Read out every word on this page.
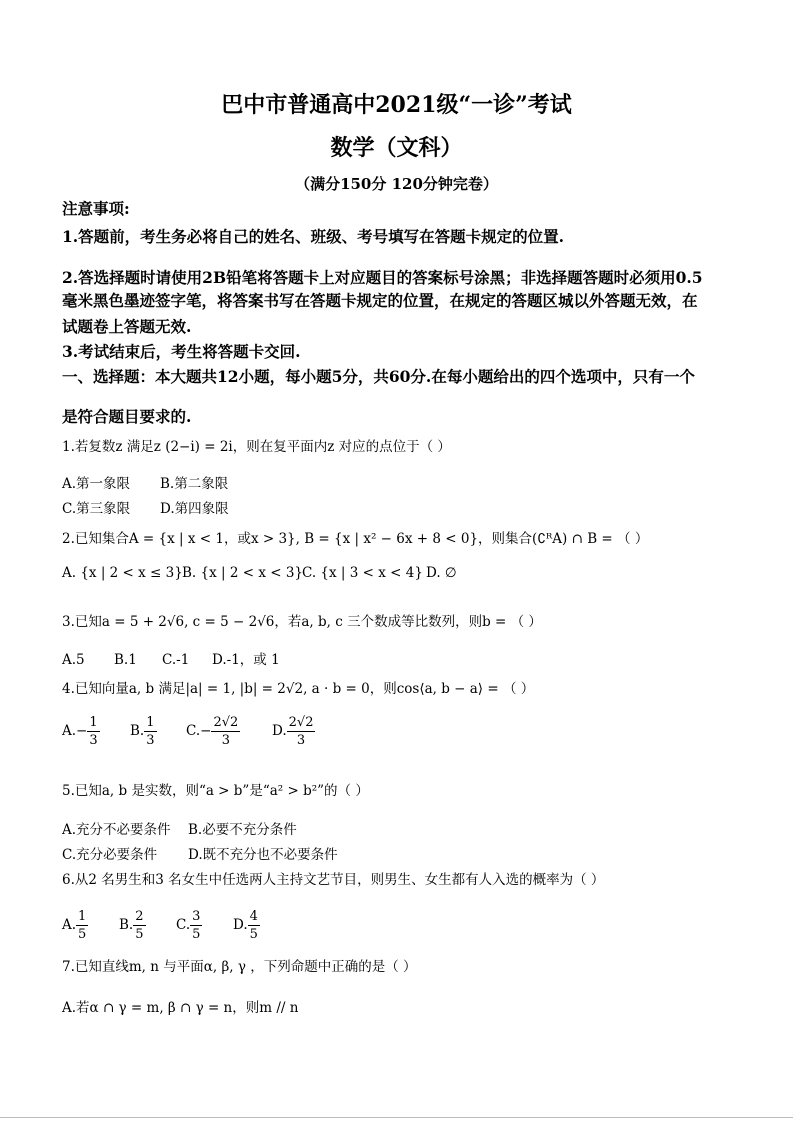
巴中市普通高中2021级“一诊”考试
数学（文科）
（满分150分 120分钟完卷）
注意事项:
1.答题前，考生务必将自己的姓名、班级、考号填写在答题卡规定的位置.
2.答选择题时请使用2B铅笔将答题卡上对应题目的答案标号涂黑；非选择题答题时必须用0.5
毫米黑色墨迹签字笔，将答案书写在答题卡规定的位置，在规定的答题区城以外答题无效，在
试题卷上答题无效.
3.考试结束后，考生将答题卡交回.
一、选择题：本大题共12小题，每小题5分，共60分.在每小题给出的四个选项中，只有一个
是符合题目要求的.
1.若复数z 满足z (2−i) = 2i，则在复平面内z 对应的点位于（ ）
A.第一象限 B.第二象限
C.第三象限 D.第四象限
2.已知集合A = {x | x < 1，或x > 3}, B = {x | x² − 6x + 8 < 0}，则集合(∁ᴿA) ∩ B = （ ）
A. {x | 2 < x ≤ 3}B. {x | 2 < x < 3}C. {x | 3 < x < 4} D. ∅
3.已知a = 5 + 2√6, c = 5 − 2√6，若a, b, c 三个数成等比数列，则b = （ ）
A.5 B.1 C.-1 D.-1，或 1
4.已知向量a, b 满足|a| = 1, |b| = 2√2, a · b = 0，则cos⟨a, b − a⟩ = （ ）
$A.- \frac{1}{3} B$. $\frac{1}{3} C.- \frac{2√2}{3} D$. $\frac{2√2}{3}$
5.已知a, b 是实数，则“a > b”是“a² > b²”的（ ）
A.充分不必要条件 B.必要不充分条件
C.充分必要条件 D.既不充分也不必要条件
6.从2 名男生和3 名女生中任选两人主持文艺节目，则男生、女生都有人入选的概率为（ ）
A. $\frac{1}{5} B$. $\frac{2}{5} C$. $\frac{3}{5} D$. $\frac{4}{5}$
7.已知直线m, n 与平面α, β, γ ，下列命题中正确的是（ ）
A.若α ∩ γ = m, β ∩ γ = n，则m // n
